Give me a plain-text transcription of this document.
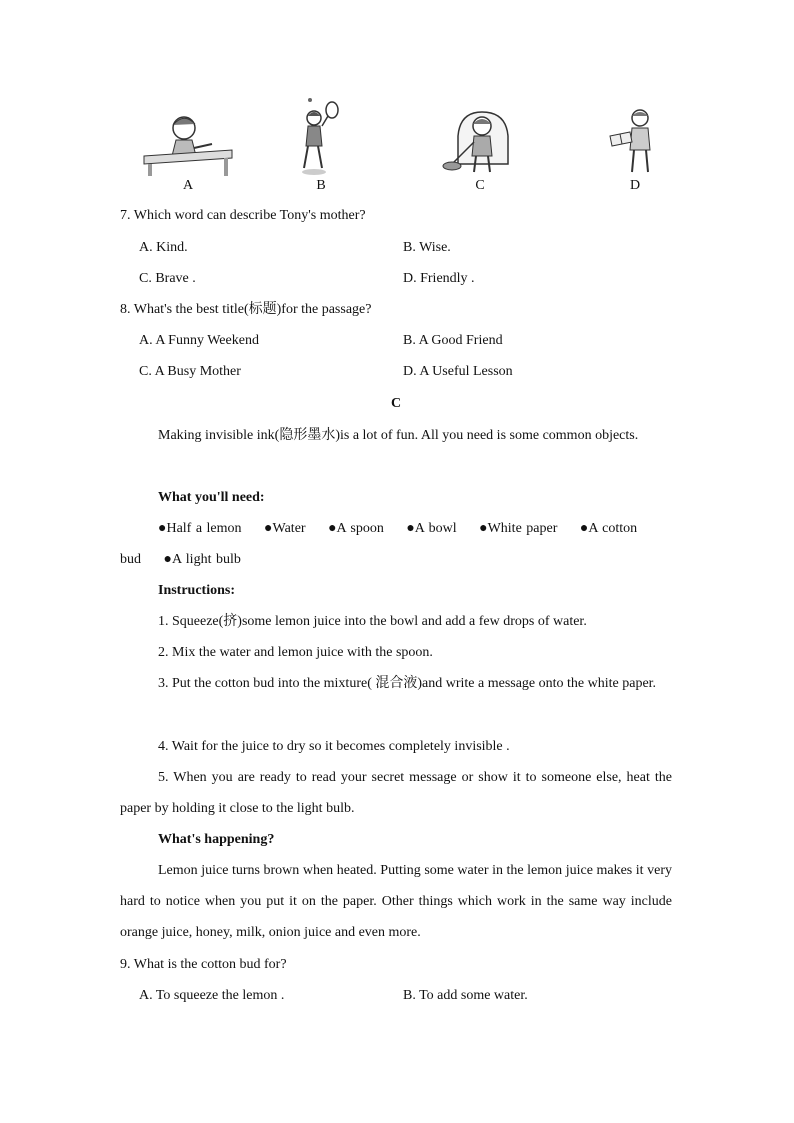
A	B	C	D
7. Which word can describe Tony's mother?
A. Kind.	B. Wise.
C. Brave .	D. Friendly .
8. What's the best title(标题)for the passage?
A. A Funny Weekend	B. A Good Friend
C. A Busy Mother	D. A Useful Lesson
C
Making invisible ink(隐形墨水)is a lot of fun. All you need is some common objects.
What you'll need:
●Half a lemon ●Water ●A spoon ●A bowl ●White paper ●A cotton bud ●A light bulb
Instructions:
1. Squeeze(挤)some lemon juice into the bowl and add a few drops of water.
2. Mix the water and lemon juice with the spoon.
3. Put the cotton bud into the mixture( 混合液)and write a message onto the white paper.
4. Wait for the juice to dry so it becomes completely invisible .
5. When you are ready to read your secret message or show it to someone else, heat the paper by holding it close to the light bulb.
What's happening?
Lemon juice turns brown when heated. Putting some water in the lemon juice makes it very hard to notice when you put it on the paper. Other things which work in the same way include orange juice, honey, milk, onion juice and even more.
9. What is the cotton bud for?
A. To squeeze the lemon .	B. To add some water.
